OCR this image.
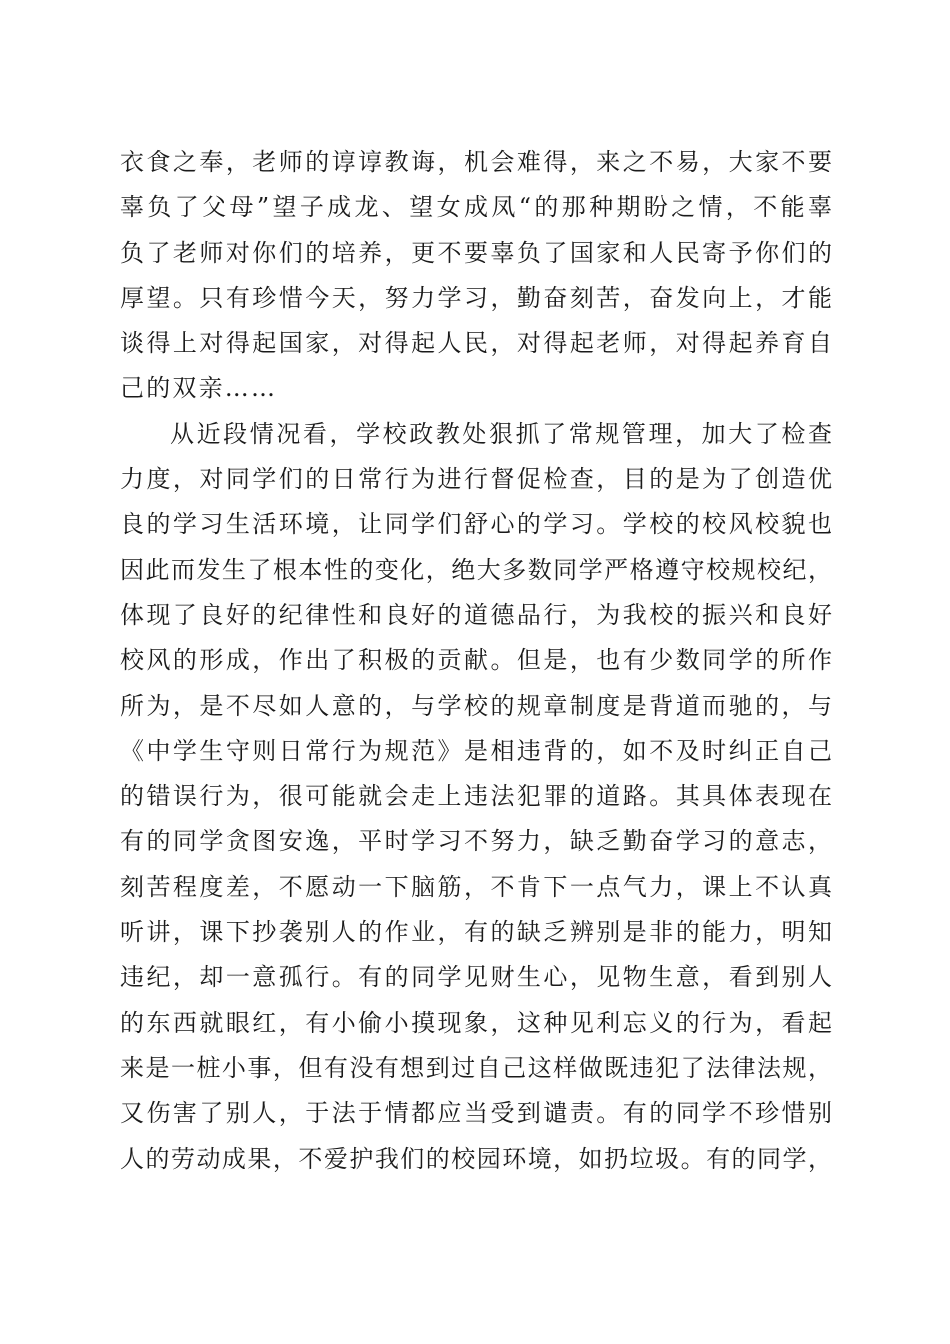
衣食之奉，老师的谆谆教诲，机会难得，来之不易，大家不要
辜负了父母”望子成龙、望女成凤“的那种期盼之情，不能辜
负了老师对你们的培养，更不要辜负了国家和人民寄予你们的
厚望。只有珍惜今天，努力学习，勤奋刻苦，奋发向上，才能
谈得上对得起国家，对得起人民，对得起老师，对得起养育自
己的双亲……
从近段情况看，学校政教处狠抓了常规管理，加大了检查
力度，对同学们的日常行为进行督促检查，目的是为了创造优
良的学习生活环境，让同学们舒心的学习。学校的校风校貌也
因此而发生了根本性的变化，绝大多数同学严格遵守校规校纪，
体现了良好的纪律性和良好的道德品行，为我校的振兴和良好
校风的形成，作出了积极的贡献。但是，也有少数同学的所作
所为，是不尽如人意的，与学校的规章制度是背道而驰的，与
《中学生守则日常行为规范》是相违背的，如不及时纠正自己
的错误行为，很可能就会走上违法犯罪的道路。其具体表现在
有的同学贪图安逸，平时学习不努力，缺乏勤奋学习的意志，
刻苦程度差，不愿动一下脑筋，不肯下一点气力，课上不认真
听讲，课下抄袭别人的作业，有的缺乏辨别是非的能力，明知
违纪，却一意孤行。有的同学见财生心，见物生意，看到别人
的东西就眼红，有小偷小摸现象，这种见利忘义的行为，看起
来是一桩小事，但有没有想到过自己这样做既违犯了法律法规，
又伤害了别人，于法于情都应当受到谴责。有的同学不珍惜别
人的劳动成果，不爱护我们的校园环境，如扔垃圾。有的同学，
